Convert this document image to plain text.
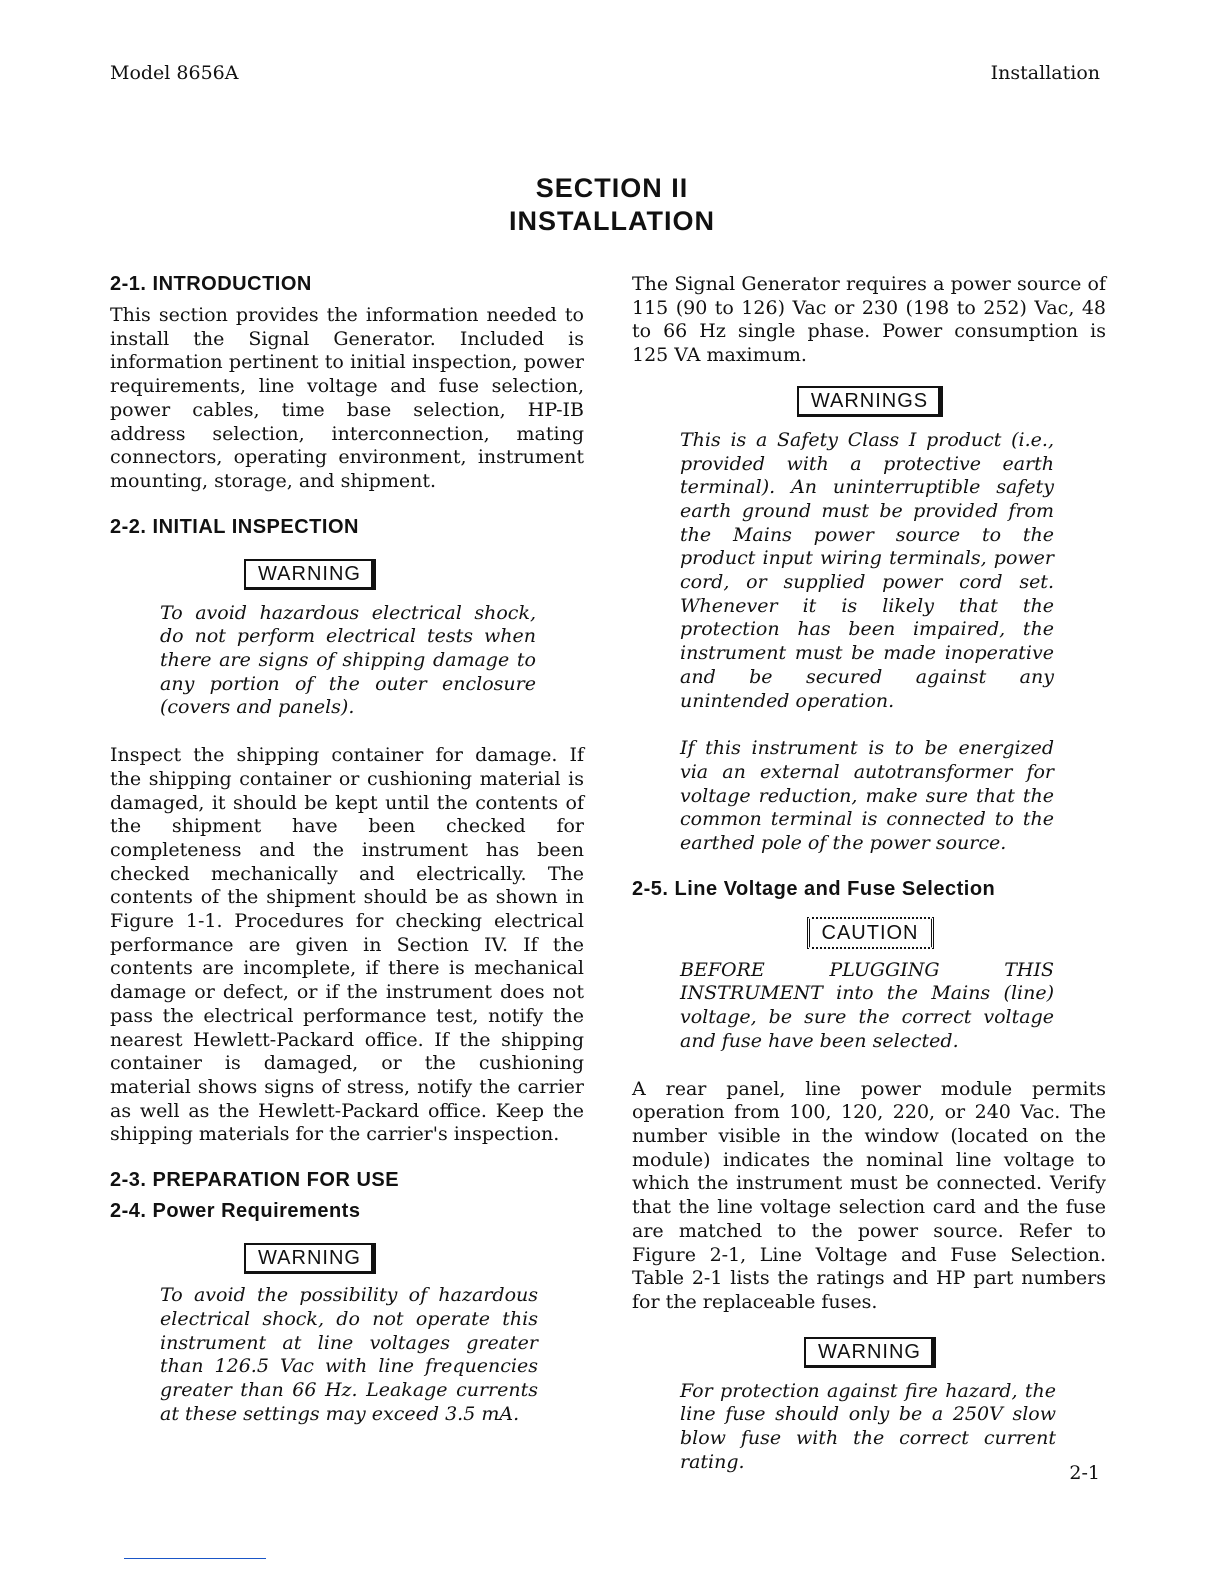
Model 8656A	Installation
SECTION II
INSTALLATION
2-1. INTRODUCTION

This section provides the information needed to install the Signal Generator. Included is information pertinent to initial inspection, power requirements, line voltage and fuse selection, power cables, time base selection, HP-IB address selection, interconnection, mating connectors, operating environment, instrument mounting, storage, and shipment.

2-2. INITIAL INSPECTION
WARNING

To avoid hazardous electrical shock, do not perform electrical tests when there are signs of shipping damage to any portion of the outer enclosure (covers and panels).

Inspect the shipping container for damage. If the shipping container or cushioning material is damaged, it should be kept until the contents of the shipment have been checked for completeness and the instrument has been checked mechanically and electrically. The contents of the shipment should be as shown in Figure 1-1. Procedures for checking electrical performance are given in Section IV. If the contents are incomplete, if there is mechanical damage or defect, or if the instrument does not pass the electrical performance test, notify the nearest Hewlett-Packard office. If the shipping container is damaged, or the cushioning material shows signs of stress, notify the carrier as well as the Hewlett-Packard office. Keep the shipping materials for the carrier's inspection.

2-3. PREPARATION FOR USE
2-4. Power Requirements
WARNING

To avoid the possibility of hazardous electrical shock, do not operate this instrument at line voltages greater than 126.5 Vac with line frequencies greater than 66 Hz. Leakage currents at these settings may exceed 3.5 mA.

The Signal Generator requires a power source of 115 (90 to 126) Vac or 230 (198 to 252) Vac, 48 to 66 Hz single phase. Power consumption is 125 VA maximum.

WARNINGS

This is a Safety Class I product (i.e., provided with a protective earth terminal). An uninterruptible safety earth ground must be provided from the Mains power source to the product input wiring terminals, power cord, or supplied power cord set. Whenever it is likely that the protection has been impaired, the instrument must be made inoperative and be secured against any unintended operation.

If this instrument is to be energized via an external autotransformer for voltage reduction, make sure that the common terminal is connected to the earthed pole of the power source.

2-5. Line Voltage and Fuse Selection
CAUTION

BEFORE PLUGGING THIS INSTRUMENT into the Mains (line) voltage, be sure the correct voltage and fuse have been selected.

A rear panel, line power module permits operation from 100, 120, 220, or 240 Vac. The number visible in the window (located on the module) indicates the nominal line voltage to which the instrument must be connected. Verify that the line voltage selection card and the fuse are matched to the power source. Refer to Figure 2-1, Line Voltage and Fuse Selection. Table 2-1 lists the ratings and HP part numbers for the replaceable fuses.

WARNING

For protection against fire hazard, the line fuse should only be a 250V slow blow fuse with the correct current rating.

2-1
